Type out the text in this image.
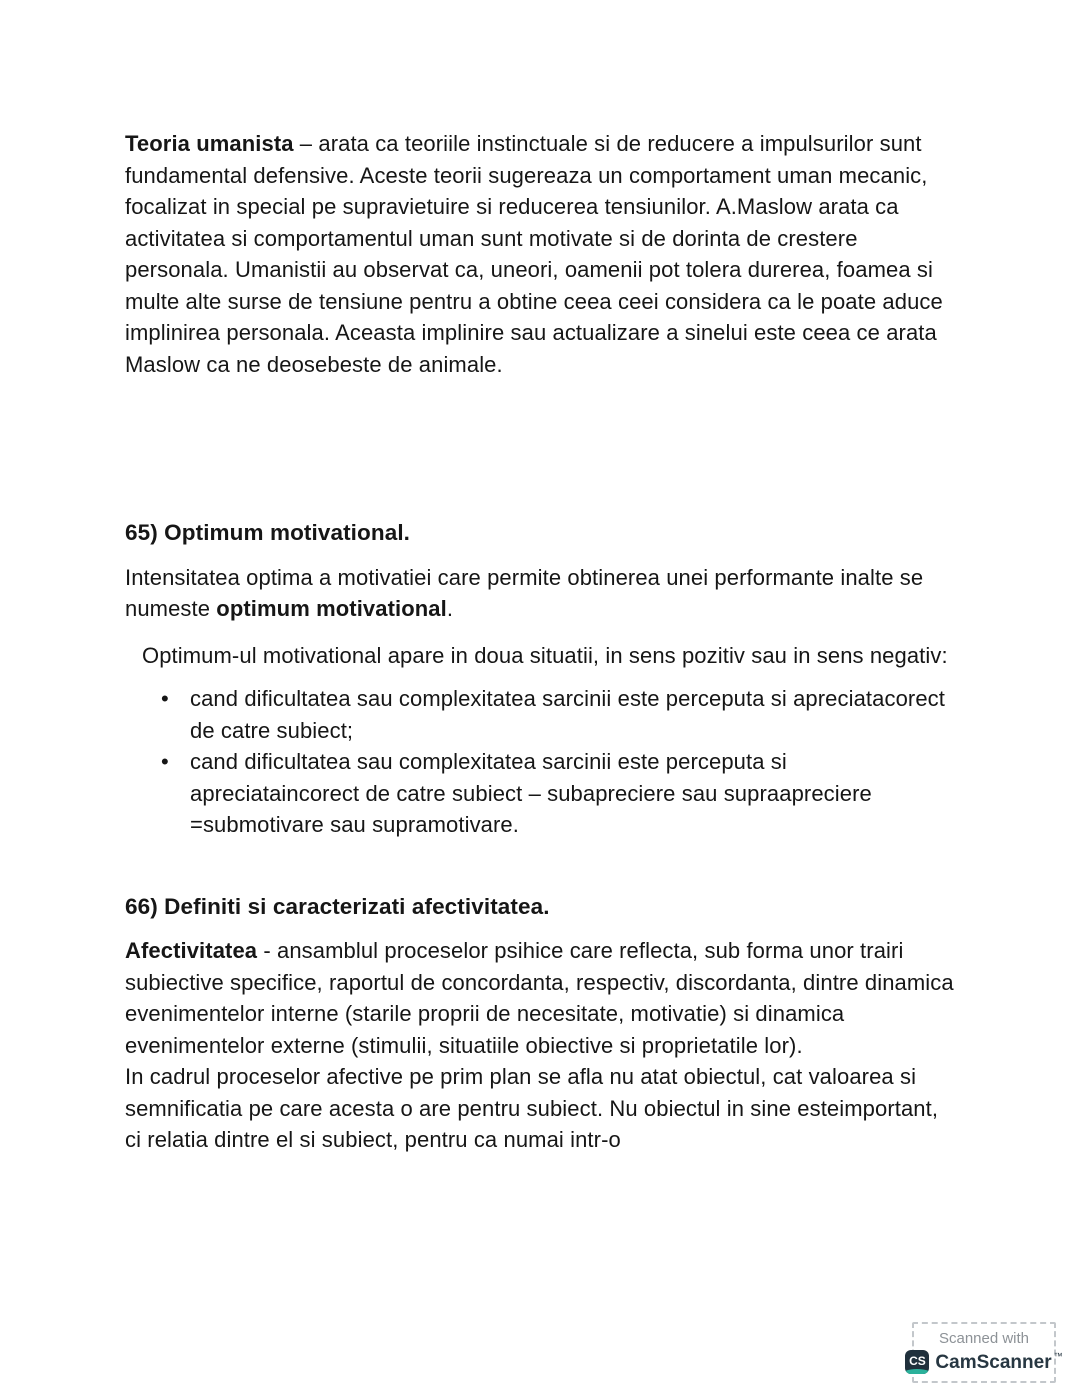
Teoria umanista – arata ca teoriile instinctuale si de reducere a impulsurilor sunt fundamental defensive. Aceste teorii sugereaza un comportament uman mecanic, focalizat in special pe supravietuire si reducerea tensiunilor. A.Maslow arata ca activitatea si comportamentul uman sunt motivate si de dorinta de crestere personala. Umanistii au observat ca, uneori, oamenii pot tolera durerea, foamea si multe alte surse de tensiune pentru a obtine ceea ceei considera ca le poate aduce implinirea personala. Aceasta implinire sau actualizare a sinelui este ceea ce arata Maslow ca ne deosebeste de animale.

65) Optimum motivational.

Intensitatea optima a motivatiei care permite obtinerea unei performante inalte se numeste optimum motivational.

Optimum-ul motivational apare in doua situatii, in sens pozitiv sau in sens negativ:

• cand dificultatea sau complexitatea sarcinii este perceputa si apreciatacorect de catre subiect;
• cand dificultatea sau complexitatea sarcinii este perceputa si apreciataincorect de catre subiect – subapreciere sau supraapreciere =submotivare sau supramotivare.

66) Definiti si caracterizati afectivitatea.

Afectivitatea - ansamblul proceselor psihice care reflecta, sub forma unor trairi subiective specifice, raportul de concordanta, respectiv, discordanta, dintre dinamica evenimentelor interne (starile proprii de necesitate, motivatie) si dinamica evenimentelor externe (stimulii, situatiile obiective si proprietatile lor).

In cadrul proceselor afective pe prim plan se afla nu atat obiectul, cat valoarea si semnificatia pe care acesta o are pentru subiect. Nu obiectul in sine esteimportant, ci relatia dintre el si subiect, pentru ca numai intr-o

Scanned with
CS CamScanner ™
